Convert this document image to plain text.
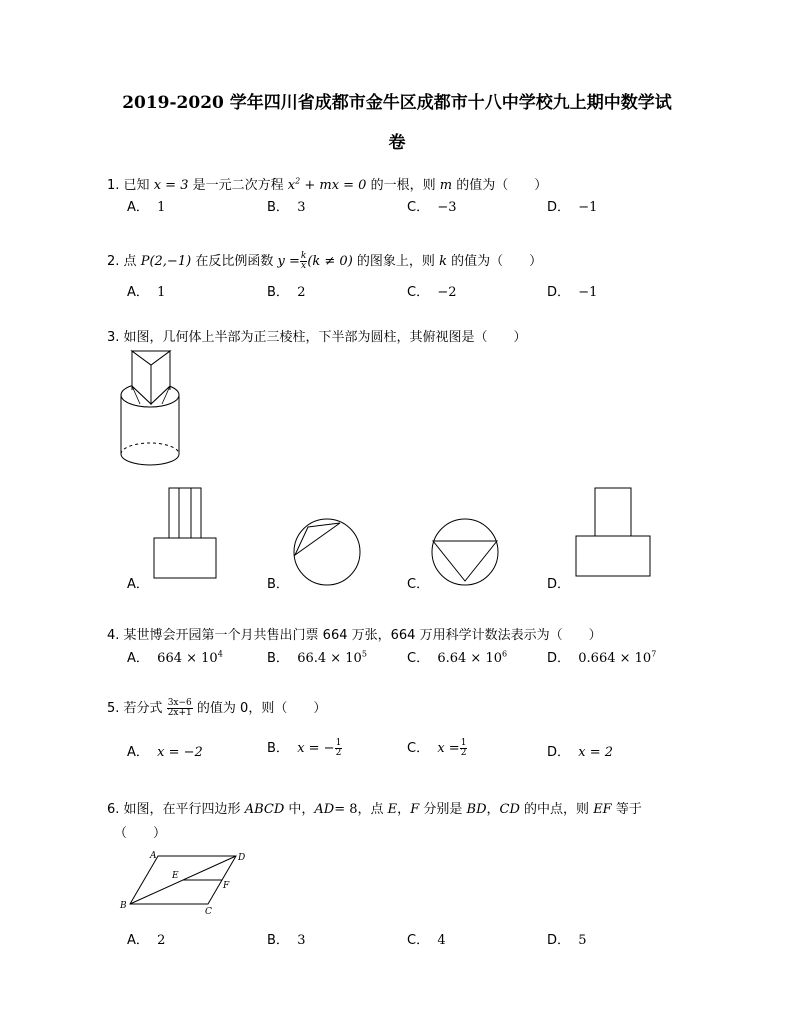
2019-2020 学年四川省成都市金牛区成都市十八中学校九上期中数学试
卷
1. 已知 x = 3 是一元二次方程 $x^2$ + mx = 0 的一根，则 m 的值为（　　）
A． 1	B． 3	C． −3	D． −1
2. 点 P(2,−1) 在反比例函数 $y = \frac{k}{x} (k \ne 0)$ 的图象上，则 k 的值为（　　）
A． 1	B． 2	C． −2	D． −1
3. 如图，几何体上半部为正三棱柱，下半部为圆柱，其俯视图是（　　）
A．	B．	C．	D．
4. 某世博会开园第一个月共售出门票 664 万张，664 万用科学计数法表示为（　　）
A． $664 \times 10^4$	B． $66.4 \times 10^5$	C． $6.64 \times 10^6$	D． $0.664 \times 10^7$
5. 若分式 $\frac{3x-6}{2x+1}$ 的值为 0，则（　　）
A． x = −2	B． x = − $\frac{1}{2}$	C． $x = \frac{1}{2}$	D． x = 2
6. 如图，在平行四边形 ABCD 中，AD= 8，点 E，F 分别是 BD，CD 的中点，则 EF 等于
（　　）
A	D
B
C
E
F
A． 2	B． 3	C． 4	D． 5
